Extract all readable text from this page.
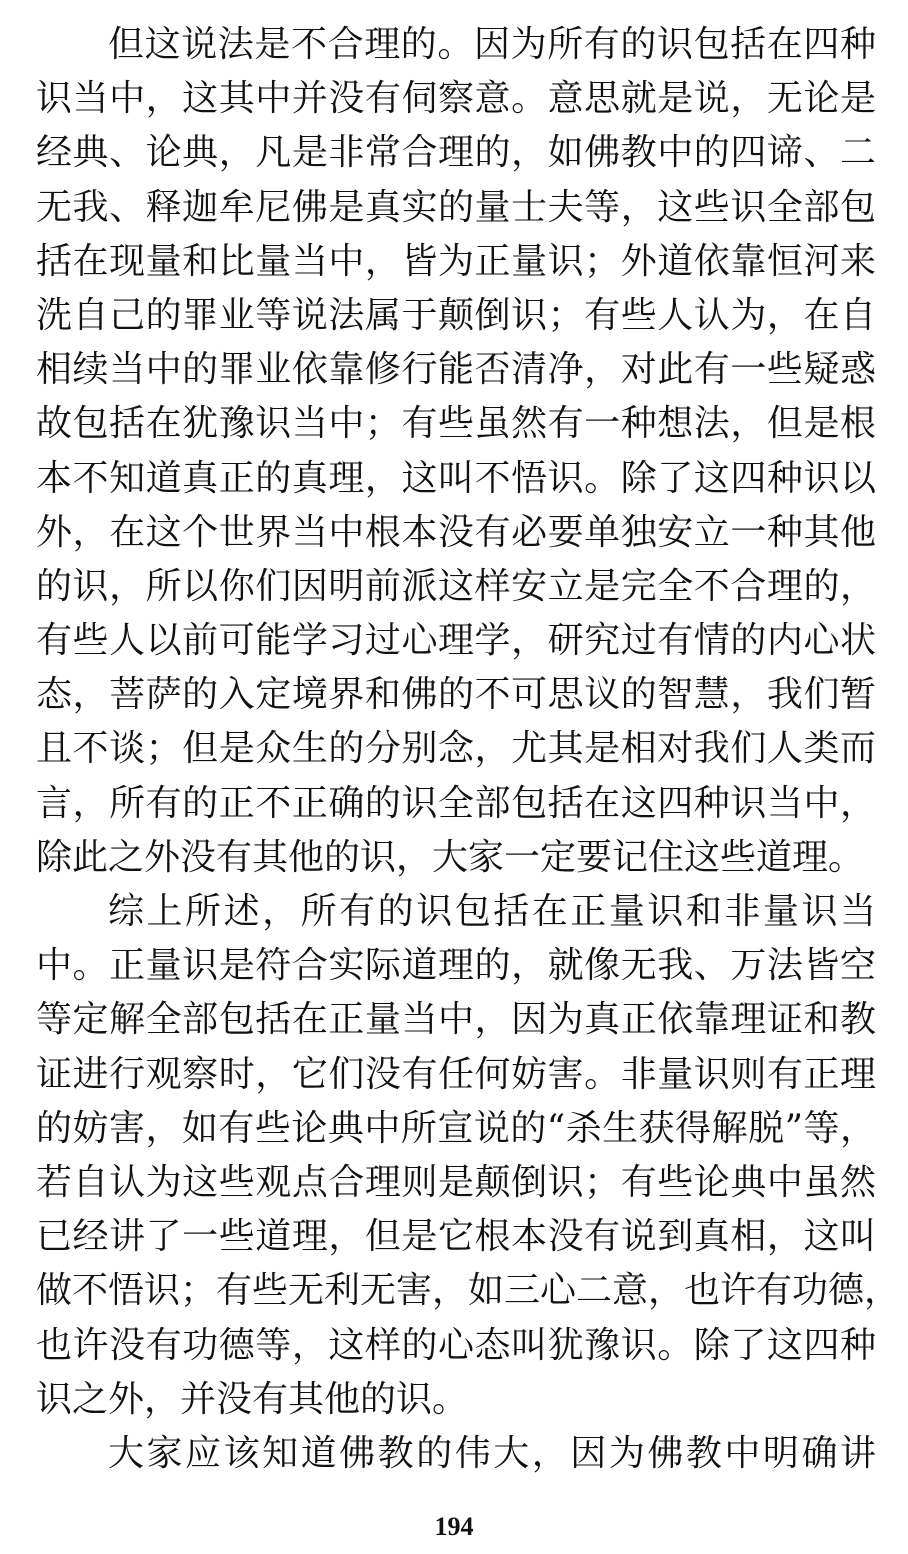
但这说法是不合理的。因为所有的识包括在四种
识当中，这其中并没有伺察意。意思就是说，无论是
经典、论典，凡是非常合理的，如佛教中的四谛、二
无我、释迦牟尼佛是真实的量士夫等，这些识全部包
括在现量和比量当中，皆为正量识；外道依靠恒河来
洗自己的罪业等说法属于颠倒识；有些人认为，在自
相续当中的罪业依靠修行能否清净，对此有一些疑惑
故包括在犹豫识当中；有些虽然有一种想法，但是根
本不知道真正的真理，这叫不悟识。除了这四种识以
外，在这个世界当中根本没有必要单独安立一种其他
的识，所以你们因明前派这样安立是完全不合理的，
有些人以前可能学习过心理学，研究过有情的内心状
态，菩萨的入定境界和佛的不可思议的智慧，我们暂
且不谈；但是众生的分别念，尤其是相对我们人类而
言，所有的正不正确的识全部包括在这四种识当中，
除此之外没有其他的识，大家一定要记住这些道理。
综上所述，所有的识包括在正量识和非量识当
中。正量识是符合实际道理的，就像无我、万法皆空
等定解全部包括在正量当中，因为真正依靠理证和教
证进行观察时，它们没有任何妨害。非量识则有正理
的妨害，如有些论典中所宣说的“杀生获得解脱”等，
若自认为这些观点合理则是颠倒识；有些论典中虽然
已经讲了一些道理，但是它根本没有说到真相，这叫
做不悟识；有些无利无害，如三心二意，也许有功德，
也许没有功德等，这样的心态叫犹豫识。除了这四种
识之外，并没有其他的识。
大家应该知道佛教的伟大，因为佛教中明确讲
194
